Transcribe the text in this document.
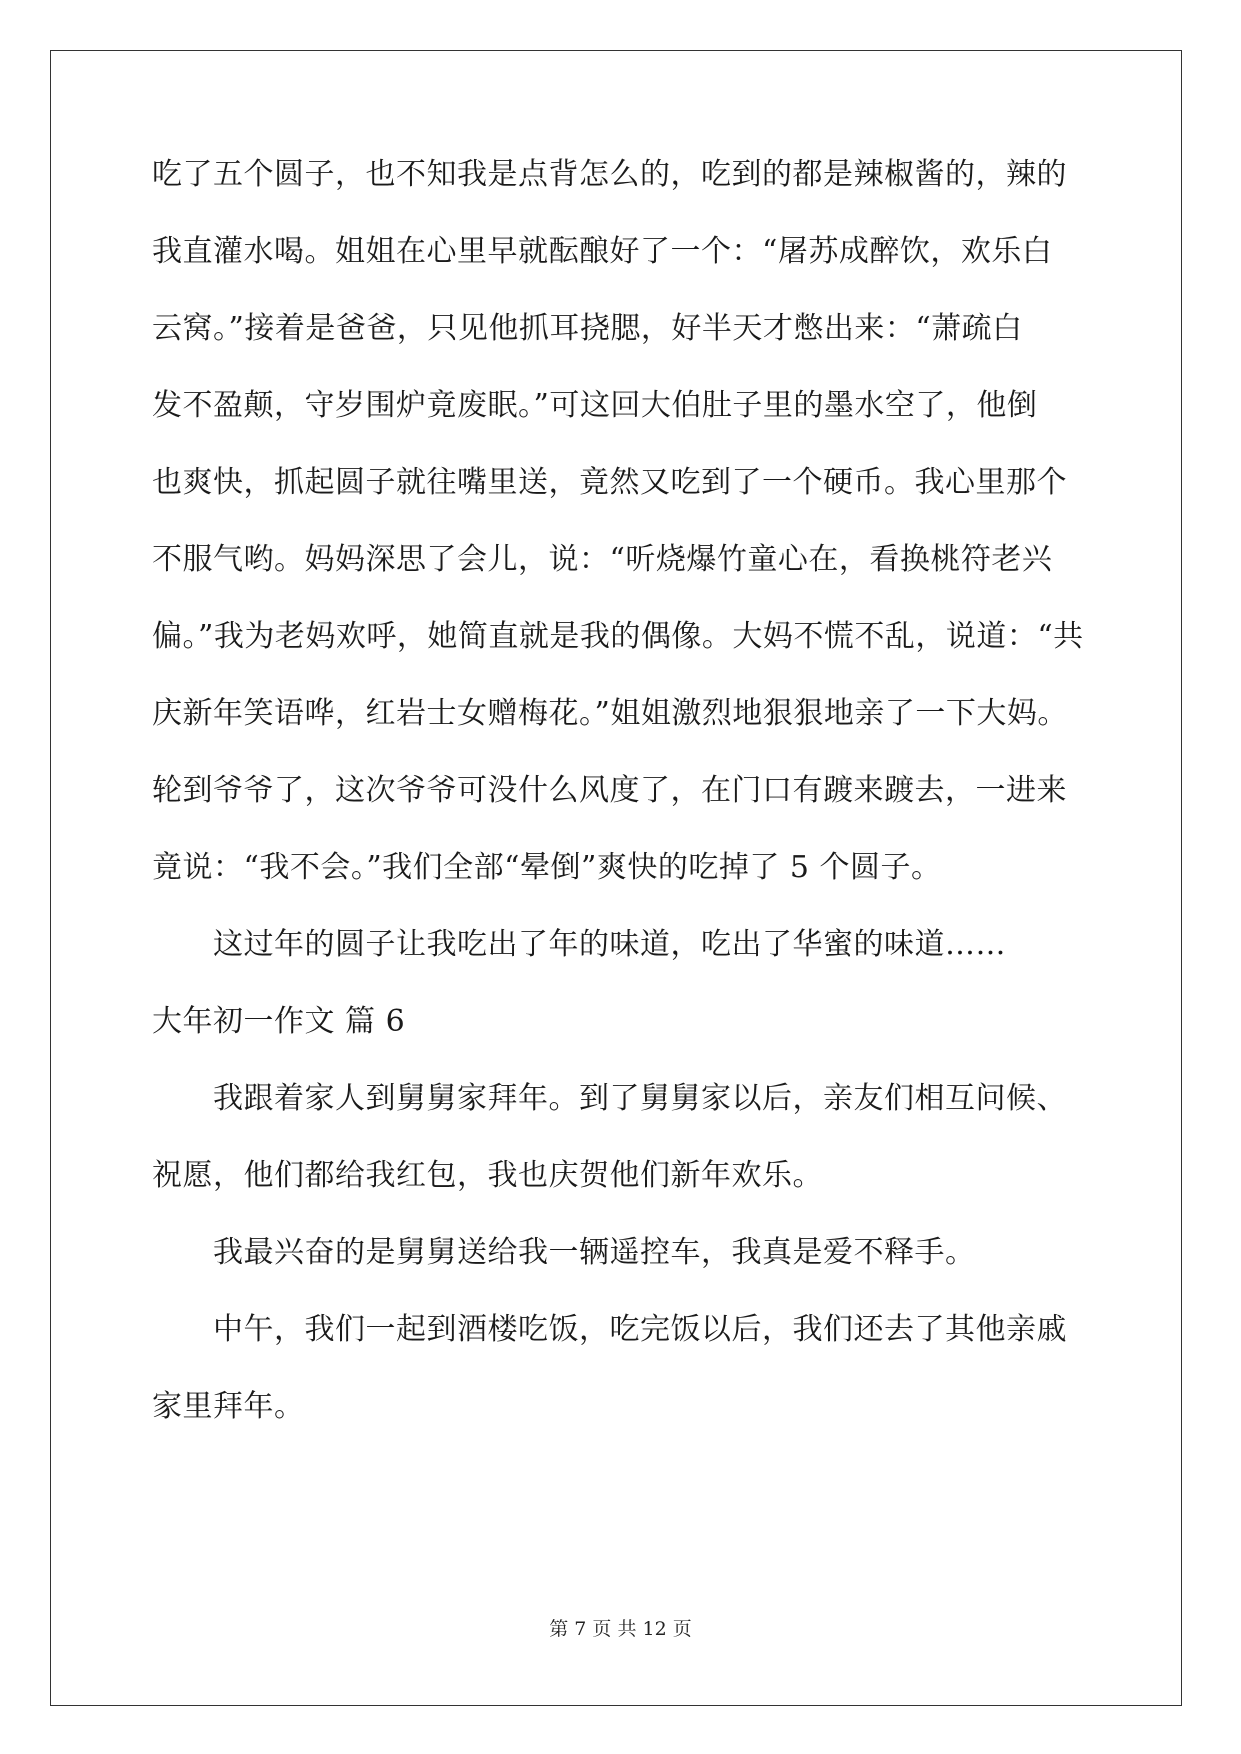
吃了五个圆子，也不知我是点背怎么的，吃到的都是辣椒酱的，辣的
我直灌水喝。姐姐在心里早就酝酿好了一个：“屠苏成醉饮，欢乐白
云窝。”接着是爸爸，只见他抓耳挠腮，好半天才憋出来：“萧疏白
发不盈颠，守岁围炉竟废眠。”可这回大伯肚子里的墨水空了，他倒
也爽快，抓起圆子就往嘴里送，竟然又吃到了一个硬币。我心里那个
不服气哟。妈妈深思了会儿，说：“听烧爆竹童心在，看换桃符老兴
偏。”我为老妈欢呼，她简直就是我的偶像。大妈不慌不乱，说道：“共
庆新年笑语哗，红岩士女赠梅花。”姐姐激烈地狠狠地亲了一下大妈。
轮到爷爷了，这次爷爷可没什么风度了，在门口有踱来踱去，一进来
竟说：“我不会。”我们全部“晕倒”爽快的吃掉了 5 个圆子。
　　这过年的圆子让我吃出了年的味道，吃出了华蜜的味道……
大年初一作文 篇 6
　　我跟着家人到舅舅家拜年。到了舅舅家以后，亲友们相互问候、
祝愿，他们都给我红包，我也庆贺他们新年欢乐。
　　我最兴奋的是舅舅送给我一辆遥控车，我真是爱不释手。
　　中午，我们一起到酒楼吃饭，吃完饭以后，我们还去了其他亲戚
家里拜年。
第 7 页 共 12 页
